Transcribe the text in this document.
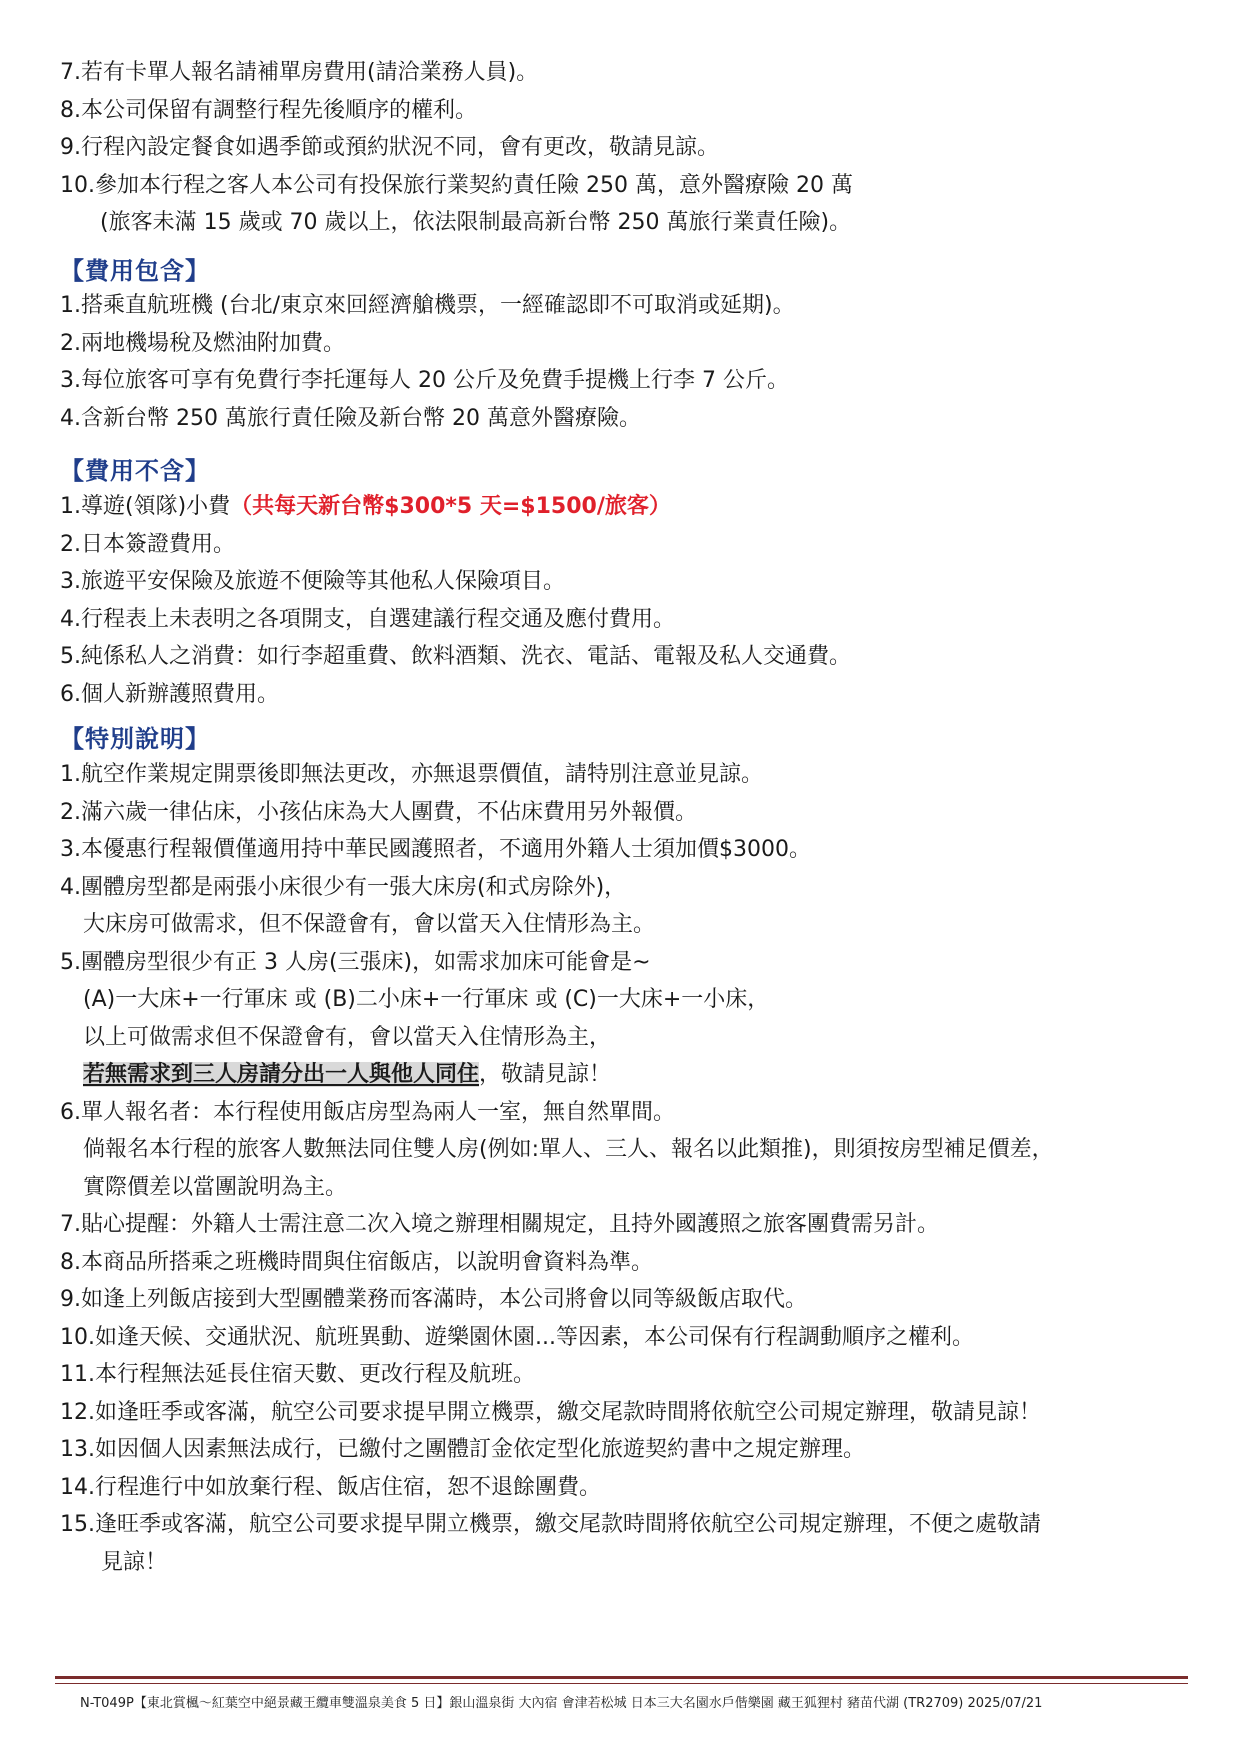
7.若有卡單人報名請補單房費用(請洽業務人員)。
8.本公司保留有調整行程先後順序的權利。
9.行程內設定餐食如遇季節或預約狀況不同，會有更改，敬請見諒。
10.參加本行程之客人本公司有投保旅行業契約責任險 250 萬，意外醫療險 20 萬
(旅客未滿 15 歲或 70 歲以上，依法限制最高新台幣 250 萬旅行業責任險)。
【費用包含】
1.搭乘直航班機 (台北/東京來回經濟艙機票，一經確認即不可取消或延期)。
2.兩地機場稅及燃油附加費。
3.每位旅客可享有免費行李托運每人 20 公斤及免費手提機上行李 7 公斤。
4.含新台幣 250 萬旅行責任險及新台幣 20 萬意外醫療險。
【費用不含】
1.導遊(領隊)小費（共每天新台幣$300*5 天=$1500/旅客）
2.日本簽證費用。
3.旅遊平安保險及旅遊不便險等其他私人保險項目。
4.行程表上未表明之各項開支，自選建議行程交通及應付費用。
5.純係私人之消費：如行李超重費、飲料酒類、洗衣、電話、電報及私人交通費。
6.個人新辦護照費用。
【特別說明】
1.航空作業規定開票後即無法更改，亦無退票價值，請特別注意並見諒。
2.滿六歲一律佔床，小孩佔床為大人團費，不佔床費用另外報價。
3.本優惠行程報價僅適用持中華民國護照者，不適用外籍人士須加價$3000。
4.團體房型都是兩張小床很少有一張大床房(和式房除外)，
大床房可做需求，但不保證會有，會以當天入住情形為主。
5.團體房型很少有正 3 人房(三張床)，如需求加床可能會是~
(A)一大床+一行軍床 或 (B)二小床+一行軍床 或 (C)一大床+一小床，
以上可做需求但不保證會有，會以當天入住情形為主，
若無需求到三人房請分出一人與他人同住，敬請見諒！
6.單人報名者：本行程使用飯店房型為兩人一室，無自然單間。
倘報名本行程的旅客人數無法同住雙人房(例如:單人、三人、報名以此類推)，則須按房型補足價差，
實際價差以當團說明為主。
7.貼心提醒：外籍人士需注意二次入境之辦理相關規定，且持外國護照之旅客團費需另計。
8.本商品所搭乘之班機時間與住宿飯店，以說明會資料為準。
9.如逢上列飯店接到大型團體業務而客滿時，本公司將會以同等級飯店取代。
10.如逢天候、交通狀況、航班異動、遊樂園休園...等因素，本公司保有行程調動順序之權利。
11.本行程無法延長住宿天數、更改行程及航班。
12.如逢旺季或客滿，航空公司要求提早開立機票，繳交尾款時間將依航空公司規定辦理，敬請見諒！
13.如因個人因素無法成行，已繳付之團體訂金依定型化旅遊契約書中之規定辦理。
14.行程進行中如放棄行程、飯店住宿，恕不退餘團費。
15.逢旺季或客滿，航空公司要求提早開立機票，繳交尾款時間將依航空公司規定辦理，不便之處敬請
見諒！
N-T049P【東北賞楓～紅葉空中絕景藏王纜車雙溫泉美食 5 日】銀山溫泉街 大內宿 會津若松城 日本三大名園水戶偕樂園 藏王狐狸村 豬苗代湖 (TR2709) 2025/07/21
